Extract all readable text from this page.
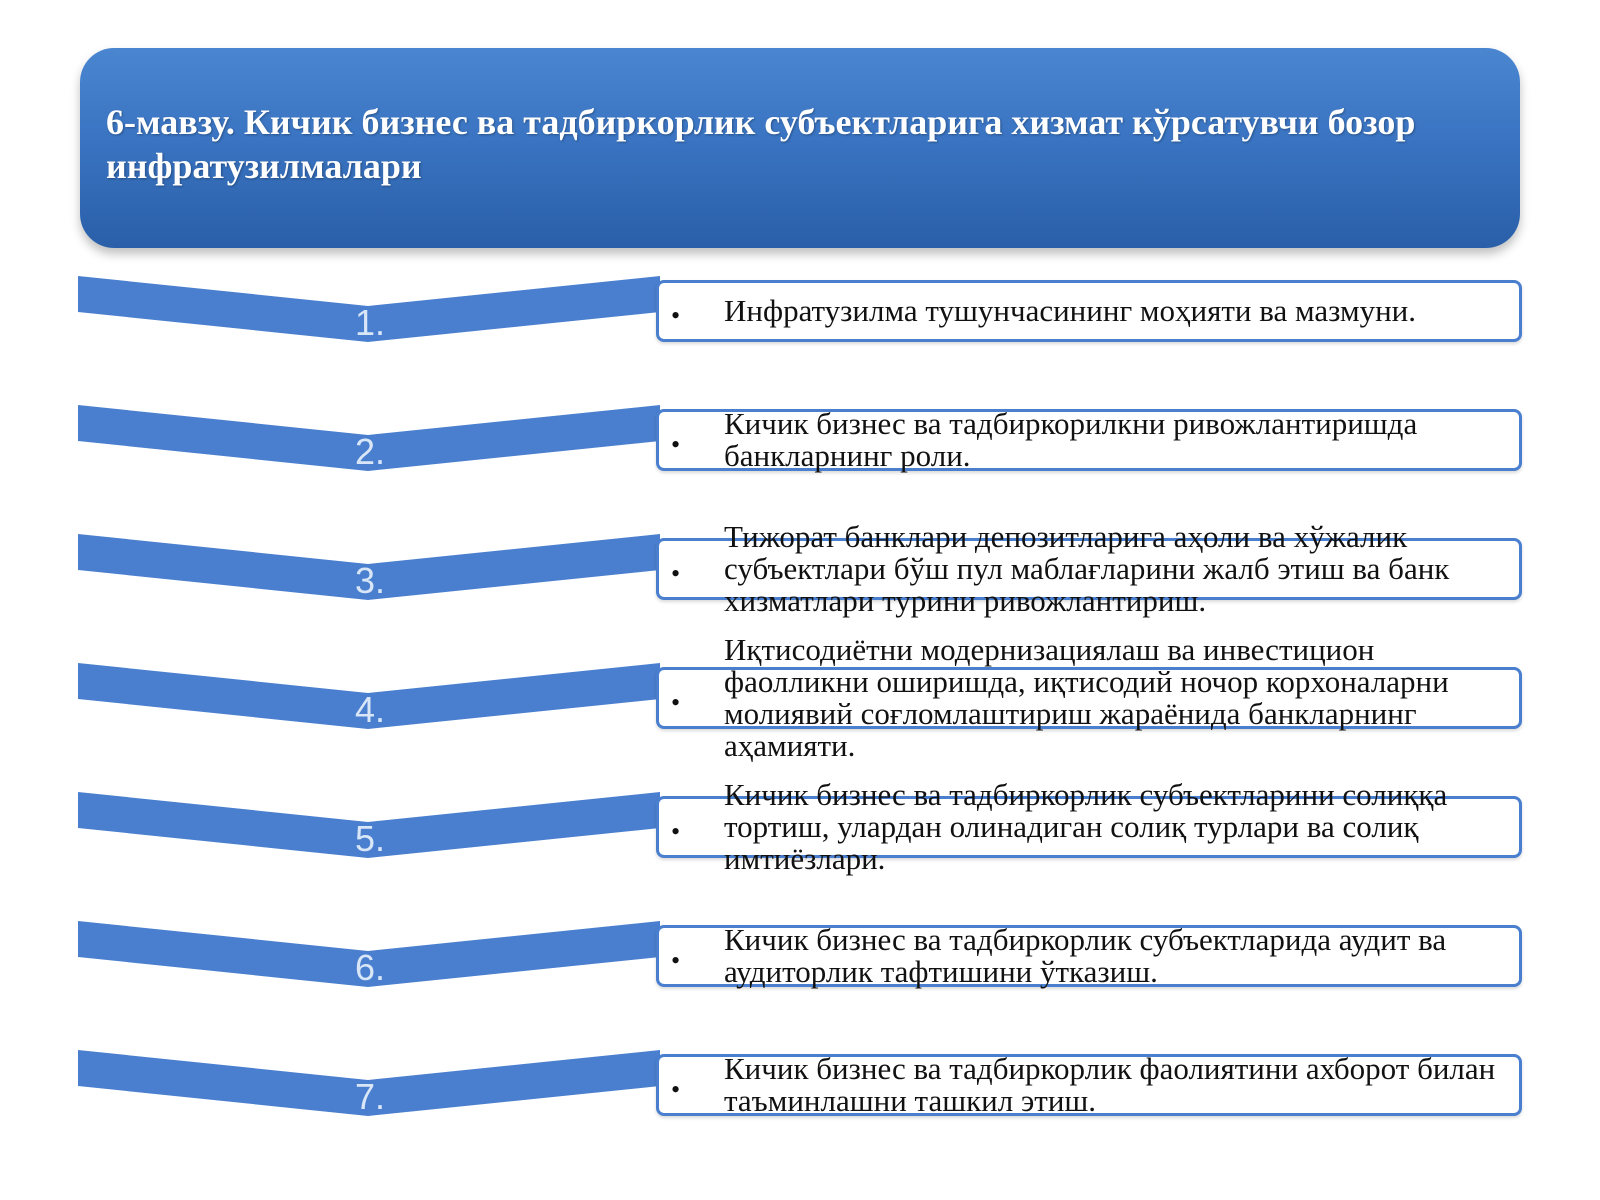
6-мавзу. Кичик бизнес ва тадбиркорлик субъектларига хизмат кўрсатувчи бозор инфратузилмалари
1.	• Инфратузилма тушунчасининг моҳияти ва мазмуни.
2.	•
Кичик бизнес ва тадбиркорилкни ривожлантиришда банкларнинг роли.
3.	•
Тижорат банклари депозитларига аҳоли ва хўжалик субъектлари бўш пул маблағларини жалб этиш ва банк хизматлари турини ривожлантириш.
4.	•
Иқтисодиётни модернизациялаш ва инвестицион фаолликни оширишда, иқтисодий ночор корхоналарни молиявий соғломлаштириш жараёнида банкларнинг аҳамияти.
5.	•
Кичик бизнес ва тадбиркорлик субъектларини солиққа тортиш, улардан олинадиган солиқ турлари ва солиқ имтиёзлари.
6.	•
Кичик бизнес ва тадбиркорлик субъектларида аудит ва аудиторлик тафтишини ўтказиш.
7.	•
Кичик бизнес ва тадбиркорлик фаолиятини ахборот билан таъминлашни ташкил этиш.
